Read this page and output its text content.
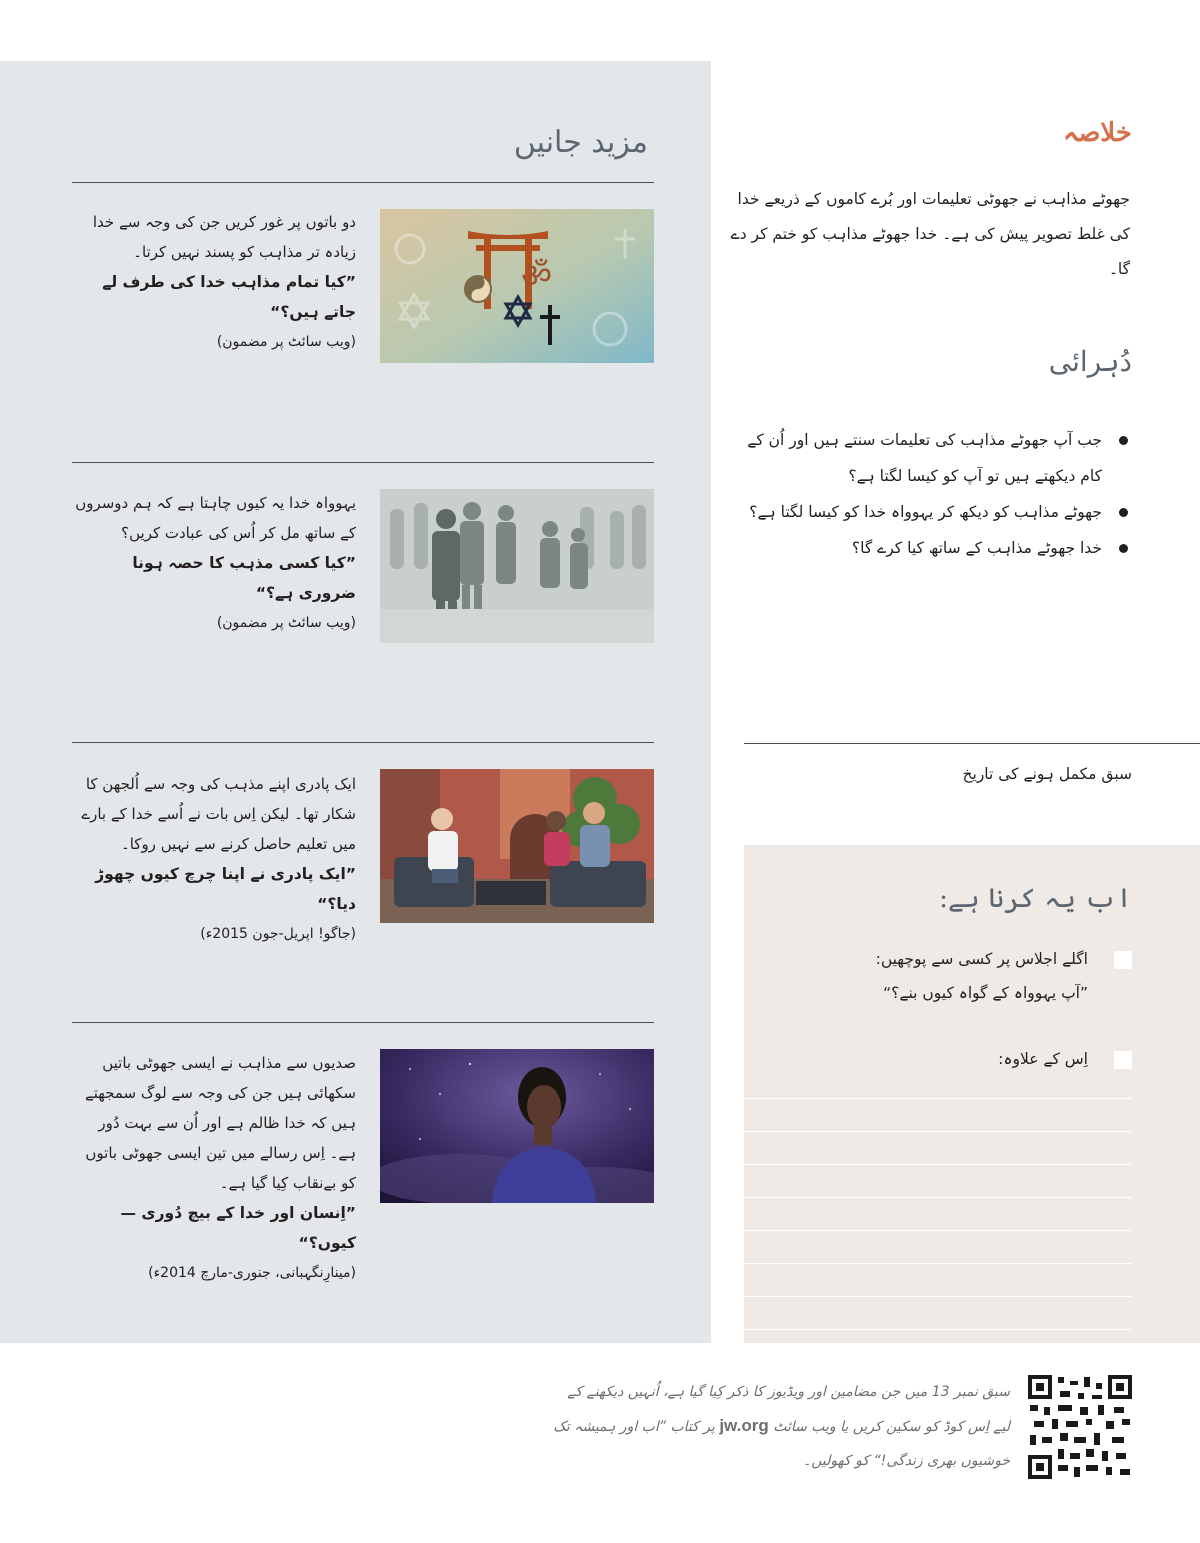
مزید جانیں
دو باتوں پر غور کریں جن کی وجہ سے خدا زیادہ تر مذاہب کو پسند نہیں کرتا۔
”کیا تمام مذاہب خدا کی طرف لے جاتے ہیں؟“
(ویب سائٹ پر مضمون)
ॐ
یہوواہ خدا یہ کیوں چاہتا ہے کہ ہم دوسروں کے ساتھ مل کر اُس کی عبادت کریں؟
”کیا کسی مذہب کا حصہ ہونا ضروری ہے؟“
(ویب سائٹ پر مضمون)
ایک پادری اپنے مذہب کی وجہ سے اُلجھن کا شکار تھا۔ لیکن اِس بات نے اُسے خدا کے بارے میں تعلیم حاصل کرنے سے نہیں روکا۔
”ایک پادری نے اپنا چرچ کیوں چھوڑ دیا؟“
(جاگو! اپریل-جون 2015ء)
صدیوں سے مذاہب نے ایسی جھوٹی باتیں سکھائی ہیں جن کی وجہ سے لوگ سمجھتے ہیں کہ خدا ظالم ہے اور اُن سے بہت دُور ہے۔ اِس رسالے میں تین ایسی جھوٹی باتوں کو بےنقاب کِیا گیا ہے۔
”اِنسان اور خدا کے بیچ دُوری — کیوں؟“
(مینارِنگہبانی، جنوری-مارچ 2014ء)
خلاصہ
جھوٹے مذاہب نے جھوٹی تعلیمات اور بُرے کاموں کے ذریعے خدا کی غلط تصویر پیش کی ہے۔ خدا جھوٹے مذاہب کو ختم کر دے گا۔
دُہرائی
جب آپ جھوٹے مذاہب کی تعلیمات سنتے ہیں اور اُن کے کام دیکھتے ہیں تو آپ کو کیسا لگتا ہے؟
جھوٹے مذاہب کو دیکھ کر یہوواہ خدا کو کیسا لگتا ہے؟
خدا جھوٹے مذاہب کے ساتھ کیا کرے گا؟
سبق مکمل ہونے کی تاریخ
اب یہ کرنا ہے:
اگلے اجلاس پر کسی سے پوچھیں:
”آپ یہوواہ کے گواہ کیوں بنے؟“
اِس کے علاوہ:
سبق نمبر 13 میں جن مضامین اور ویڈیوز کا ذکر کِیا گیا ہے، اُنہیں دیکھنے کے لیے اِس کوڈ کو سکین کریں یا ویب سائٹ jw.org پر کتاب ”اب اور ہمیشہ تک خوشیوں بھری زندگی!“ کو کھولیں۔
